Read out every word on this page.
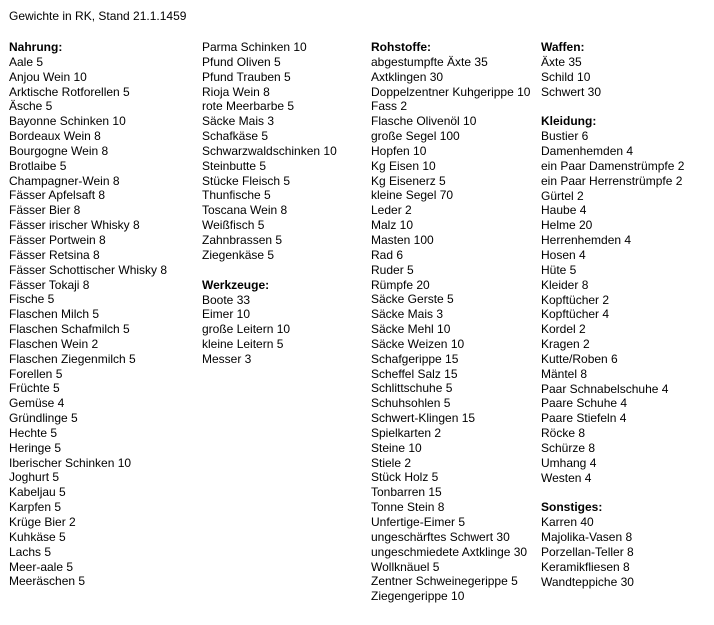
Gewichte in RK, Stand 21.1.1459
Nahrung:
Aale 5
Anjou Wein 10
Arktische Rotforellen 5
Äsche 5
Bayonne Schinken 10
Bordeaux Wein 8
Bourgogne Wein 8
Brotlaibe 5
Champagner-Wein 8
Fässer Apfelsaft 8
Fässer Bier 8
Fässer irischer Whisky 8
Fässer Portwein 8
Fässer Retsina 8
Fässer Schottischer Whisky 8
Fässer Tokaji 8
Fische 5
Flaschen Milch 5
Flaschen Schafmilch 5
Flaschen Wein 2
Flaschen Ziegenmilch 5
Forellen 5
Früchte 5
Gemüse 4
Gründlinge 5
Hechte 5
Heringe 5
Iberischer Schinken 10
Joghurt 5
Kabeljau 5
Karpfen 5
Krüge Bier 2
Kuhkäse 5
Lachs 5
Meer-aale 5
Meeräschen 5
Parma Schinken 10
Pfund Oliven 5
Pfund Trauben 5
Rioja Wein 8
rote Meerbarbe 5
Säcke Mais 3
Schafkäse 5
Schwarzwaldschinken 10
Steinbutte 5
Stücke Fleisch 5
Thunfische 5
Toscana Wein 8
Weißfisch 5
Zahnbrassen 5
Ziegenkäse 5
Werkzeuge:
Boote 33
Eimer 10
große Leitern 10
kleine Leitern 5
Messer 3
Rohstoffe:
abgestumpfte Äxte 35
Axtklingen 30
Doppelzentner Kuhgerippe 10
Fass 2
Flasche Olivenöl 10
große Segel 100
Hopfen 10
Kg Eisen 10
Kg Eisenerz 5
kleine Segel 70
Leder 2
Malz 10
Masten 100
Rad 6
Ruder 5
Rümpfe 20
Säcke Gerste 5
Säcke Mais 3
Säcke Mehl 10
Säcke Weizen 10
Schafgerippe 15
Scheffel Salz 15
Schlittschuhe 5
Schuhsohlen 5
Schwert-Klingen 15
Spielkarten 2
Steine 10
Stiele 2
Stück Holz 5
Tonbarren 15
Tonne Stein 8
Unfertige-Eimer 5
ungeschärftes Schwert 30
ungeschmiedete Axtklinge 30
Wollknäuel 5
Zentner Schweinegerippe 5
Ziegengerippe 10
Waffen:
Äxte 35
Schild 10
Schwert 30
Kleidung:
Bustier 6
Damenhemden 4
ein Paar Damenstrümpfe 2
ein Paar Herrenstrümpfe 2
Gürtel 2
Haube 4
Helme 20
Herrenhemden 4
Hosen 4
Hüte 5
Kleider 8
Kopftücher 2
Kopftücher 4
Kordel 2
Kragen 2
Kutte/Roben 6
Mäntel 8
Paar Schnabelschuhe 4
Paare Schuhe 4
Paare Stiefeln 4
Röcke 8
Schürze 8
Umhang 4
Westen 4
Sonstiges:
Karren 40
Majolika-Vasen 8
Porzellan-Teller 8
Keramikfliesen 8
Wandteppiche 30
